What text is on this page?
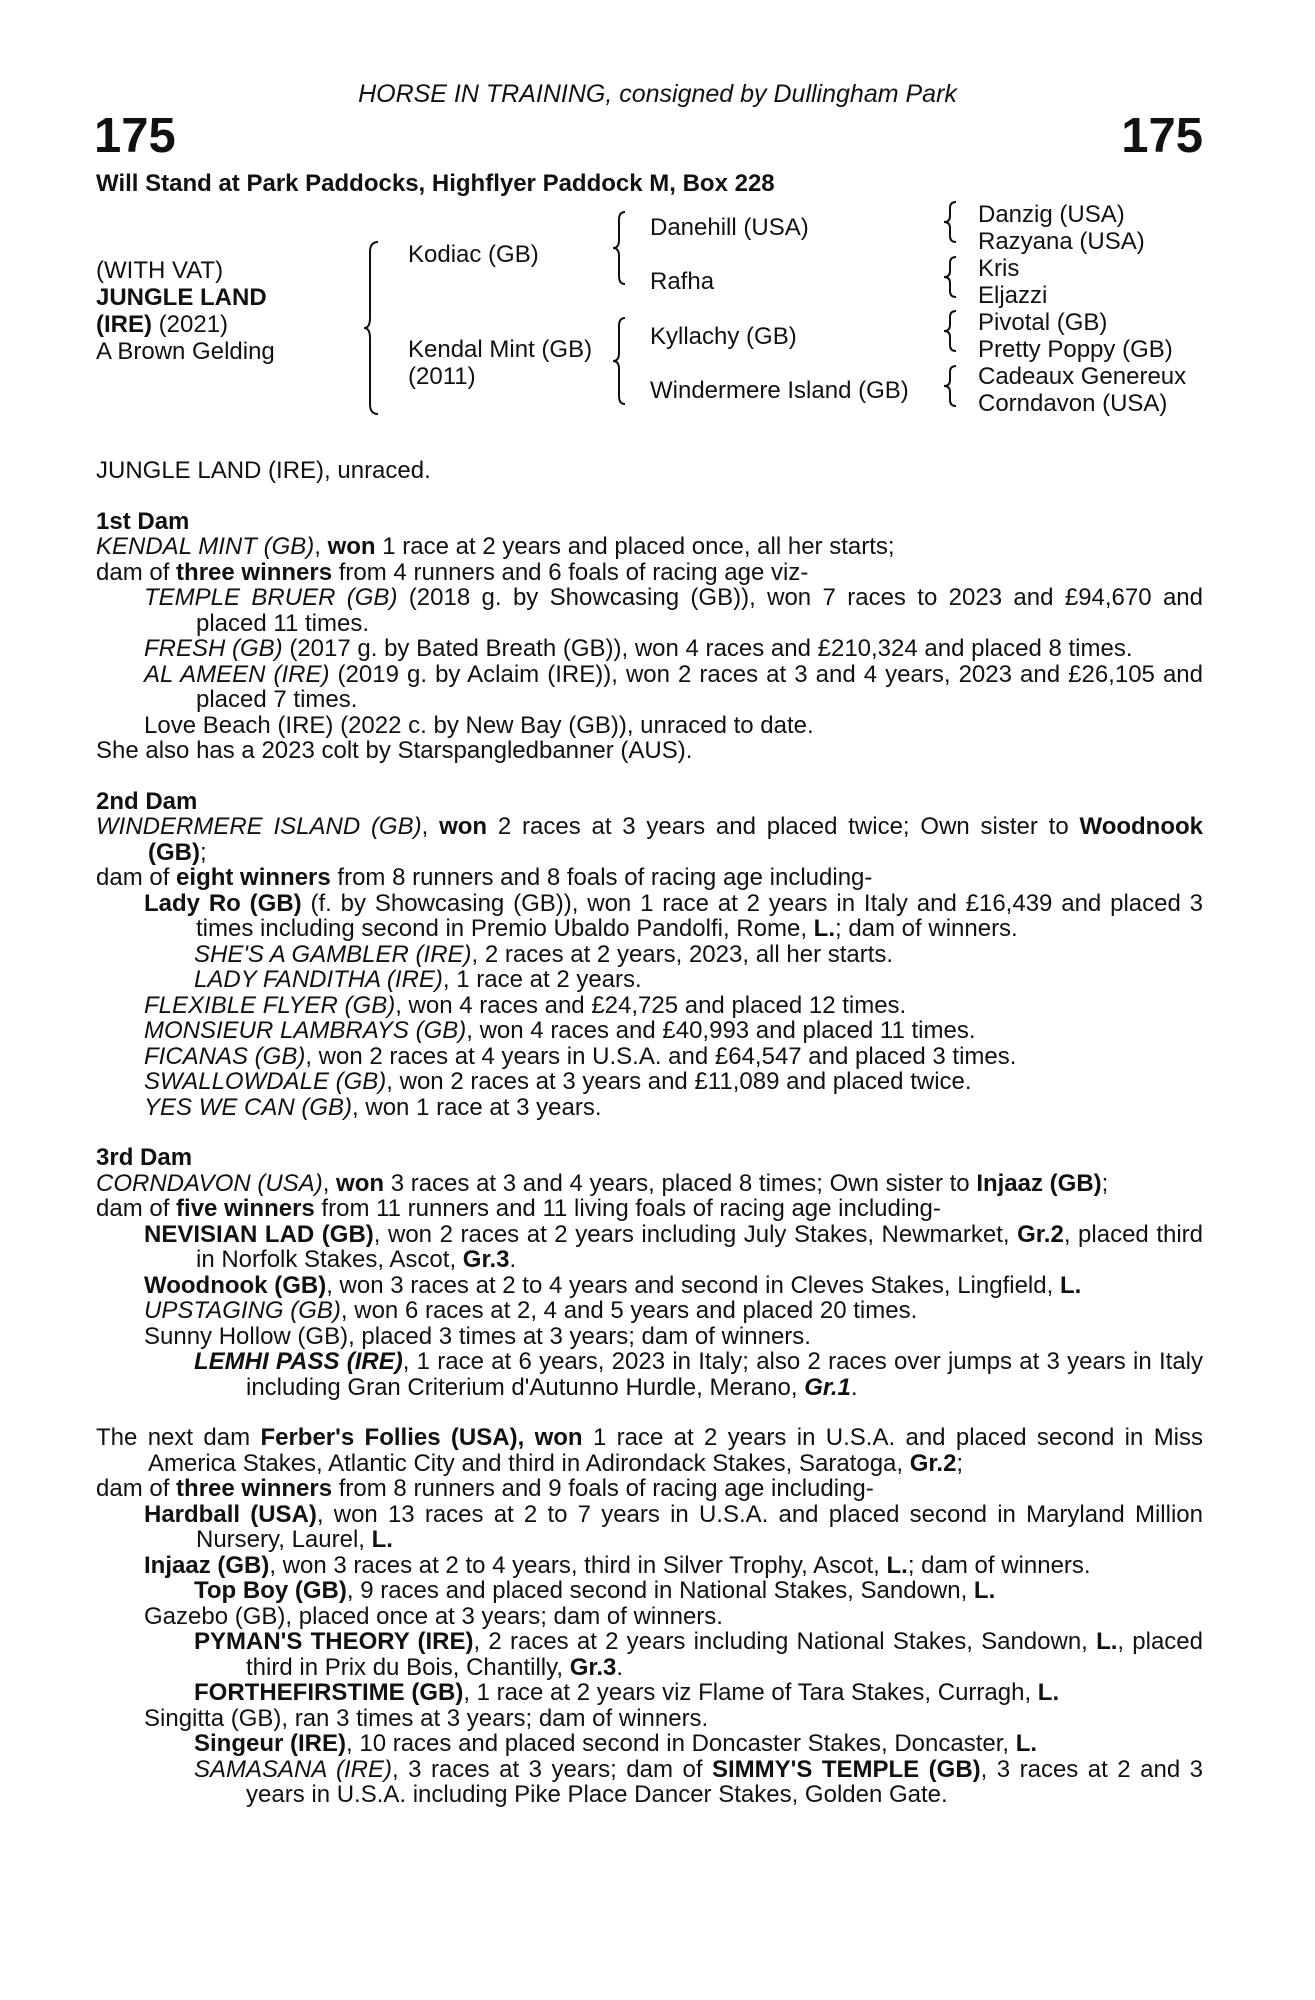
HORSE IN TRAINING, consigned by Dullingham Park
175	175
Will Stand at Park Paddocks, Highflyer Paddock M, Box 228
(WITH VAT)
JUNGLE LAND
(IRE) (2021)
A Brown Gelding
Kodiac (GB)
Kendal Mint (GB)
(2011)
Danehill (USA)
Rafha
Kyllachy (GB)
Windermere Island (GB)
Danzig (USA)
Razyana (USA)
Kris
Eljazzi
Pivotal (GB)
Pretty Poppy (GB)
Cadeaux Genereux
Corndavon (USA)

JUNGLE LAND (IRE), unraced.

1st Dam

KENDAL MINT (GB), won 1 race at 2 years and placed once, all her starts;

dam of three winners from 4 runners and 6 foals of racing age viz-

TEMPLE BRUER (GB) (2018 g. by Showcasing (GB)), won 7 races to 2023 and £94,670 and placed 11 times.

FRESH (GB) (2017 g. by Bated Breath (GB)), won 4 races and £210,324 and placed 8 times.

AL AMEEN (IRE) (2019 g. by Aclaim (IRE)), won 2 races at 3 and 4 years, 2023 and £26,105 and placed 7 times.

Love Beach (IRE) (2022 c. by New Bay (GB)), unraced to date.

She also has a 2023 colt by Starspangledbanner (AUS).

2nd Dam

WINDERMERE ISLAND (GB), won 2 races at 3 years and placed twice; Own sister to Woodnook (GB);

dam of eight winners from 8 runners and 8 foals of racing age including-

Lady Ro (GB) (f. by Showcasing (GB)), won 1 race at 2 years in Italy and £16,439 and placed 3 times including second in Premio Ubaldo Pandolfi, Rome, L.; dam of winners.

SHE'S A GAMBLER (IRE), 2 races at 2 years, 2023, all her starts.

LADY FANDITHA (IRE), 1 race at 2 years.

FLEXIBLE FLYER (GB), won 4 races and £24,725 and placed 12 times.

MONSIEUR LAMBRAYS (GB), won 4 races and £40,993 and placed 11 times.

FICANAS (GB), won 2 races at 4 years in U.S.A. and £64,547 and placed 3 times.

SWALLOWDALE (GB), won 2 races at 3 years and £11,089 and placed twice.

YES WE CAN (GB), won 1 race at 3 years.

3rd Dam

CORNDAVON (USA), won 3 races at 3 and 4 years, placed 8 times; Own sister to Injaaz (GB);

dam of five winners from 11 runners and 11 living foals of racing age including-

NEVISIAN LAD (GB), won 2 races at 2 years including July Stakes, Newmarket, Gr.2, placed third in Norfolk Stakes, Ascot, Gr.3.

Woodnook (GB), won 3 races at 2 to 4 years and second in Cleves Stakes, Lingfield, L.

UPSTAGING (GB), won 6 races at 2, 4 and 5 years and placed 20 times.

Sunny Hollow (GB), placed 3 times at 3 years; dam of winners.

LEMHI PASS (IRE), 1 race at 6 years, 2023 in Italy; also 2 races over jumps at 3 years in Italy including Gran Criterium d'Autunno Hurdle, Merano, Gr.1.

The next dam Ferber's Follies (USA), won 1 race at 2 years in U.S.A. and placed second in Miss America Stakes, Atlantic City and third in Adirondack Stakes, Saratoga, Gr.2;

dam of three winners from 8 runners and 9 foals of racing age including-

Hardball (USA), won 13 races at 2 to 7 years in U.S.A. and placed second in Maryland Million Nursery, Laurel, L.

Injaaz (GB), won 3 races at 2 to 4 years, third in Silver Trophy, Ascot, L.; dam of winners.

Top Boy (GB), 9 races and placed second in National Stakes, Sandown, L.

Gazebo (GB), placed once at 3 years; dam of winners.

PYMAN'S THEORY (IRE), 2 races at 2 years including National Stakes, Sandown, L., placed third in Prix du Bois, Chantilly, Gr.3.

FORTHEFIRSTIME (GB), 1 race at 2 years viz Flame of Tara Stakes, Curragh, L.

Singitta (GB), ran 3 times at 3 years; dam of winners.

Singeur (IRE), 10 races and placed second in Doncaster Stakes, Doncaster, L.

SAMASANA (IRE), 3 races at 3 years; dam of SIMMY'S TEMPLE (GB), 3 races at 2 and 3 years in U.S.A. including Pike Place Dancer Stakes, Golden Gate.
